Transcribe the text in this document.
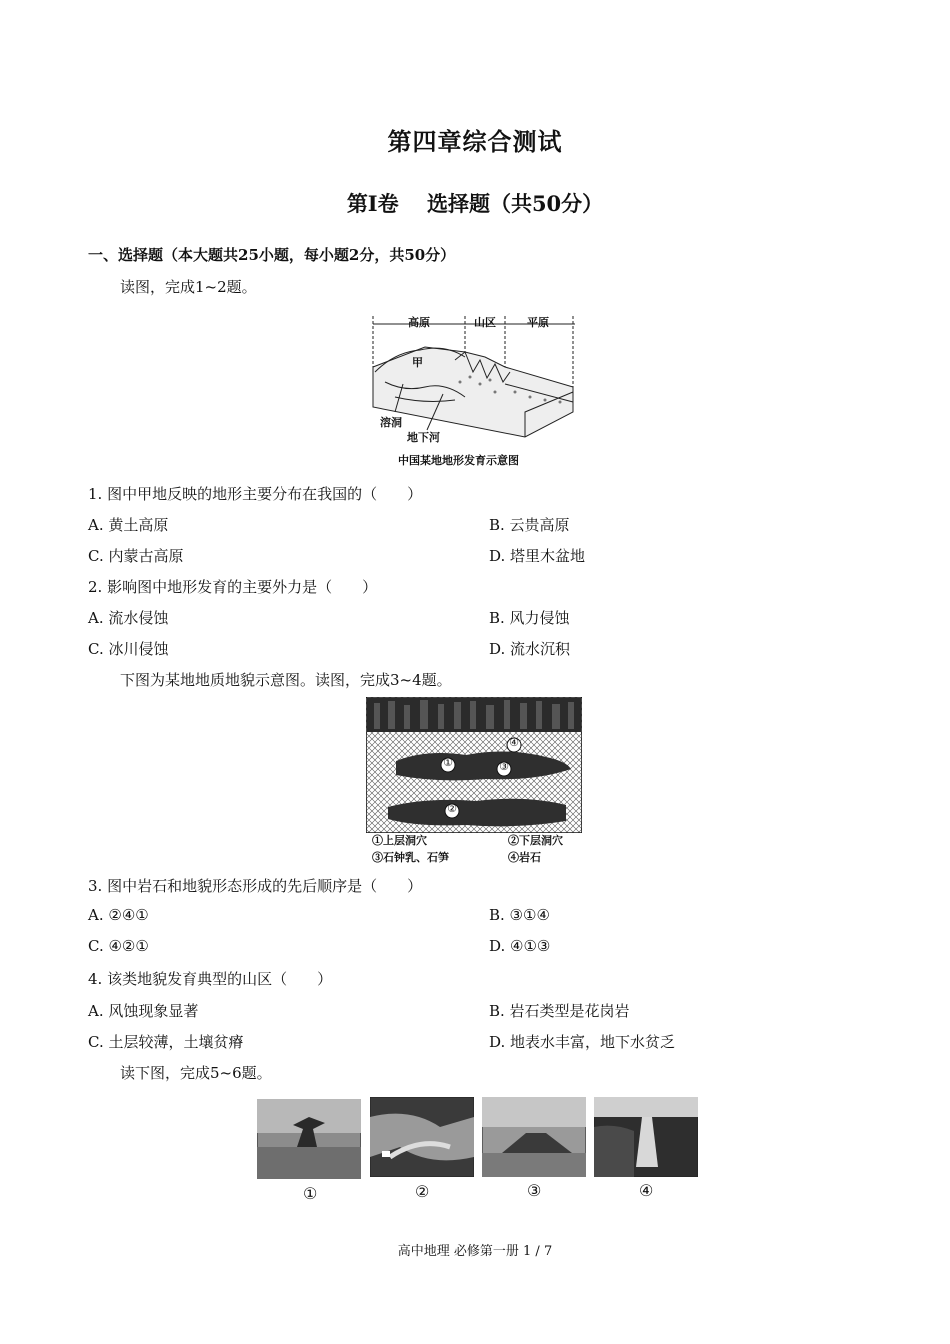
第四章综合测试
第Ⅰ卷　 选择题（共50分）
一、选择题（本大题共25小题，每小题2分，共50分）
读图，完成1~2题。
高原	山区	平原
甲
溶洞
地下河
中国某地地形发育示意图
1. 图中甲地反映的地形主要分布在我国的（　　）
A. 黄土高原	B. 云贵高原
C. 内蒙古高原	D. 塔里木盆地
2. 影响图中地形发育的主要外力是（　　）
A. 流水侵蚀	B. 风力侵蚀
C. 冰川侵蚀	D. 流水沉积
下图为某地地质地貌示意图。读图，完成3~4题。
①	③
④
②
①上层洞穴	②下层洞穴
③石钟乳、石笋	④岩石
3. 图中岩石和地貌形态形成的先后顺序是（　　）
A. ②④①	B. ③①④
C. ④②①	D. ④①③
4. 该类地貌发育典型的山区（　　）
A. 风蚀现象显著	B. 岩石类型是花岗岩
C. 土层较薄，土壤贫瘠	D. 地表水丰富，地下水贫乏
读下图，完成5~6题。
①	②	③	④
高中地理 必修第一册 1 / 7
